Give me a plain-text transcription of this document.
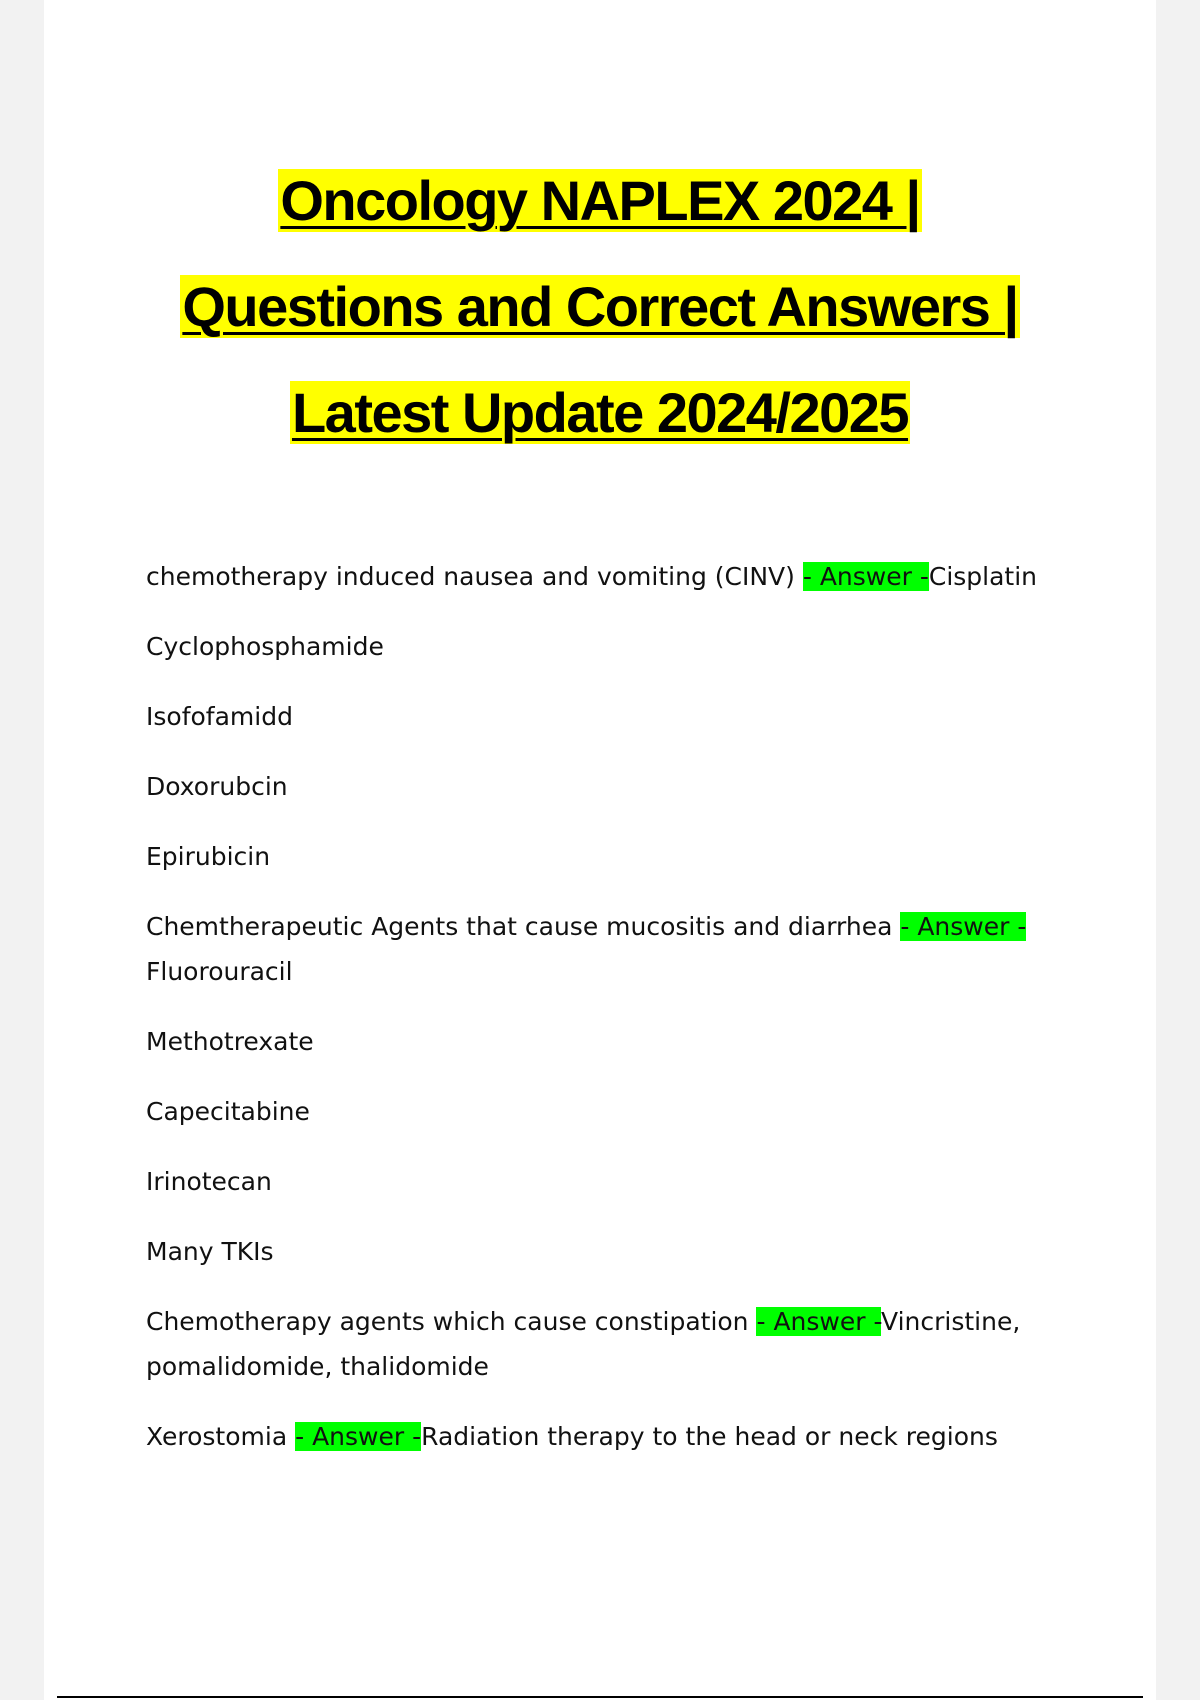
Oncology NAPLEX 2024 |
Questions and Correct Answers |
Latest Update 2024/2025

chemotherapy induced nausea and vomiting (CINV) - Answer -Cisplatin

Cyclophosphamide

Isofofamidd

Doxorubcin

Epirubicin

Chemtherapeutic Agents that cause mucositis and diarrhea - Answer -
Fluorouracil

Methotrexate

Capecitabine

Irinotecan

Many TKIs

Chemotherapy agents which cause constipation - Answer -Vincristine, pomalidomide, thalidomide

Xerostomia - Answer -Radiation therapy to the head or neck regions
